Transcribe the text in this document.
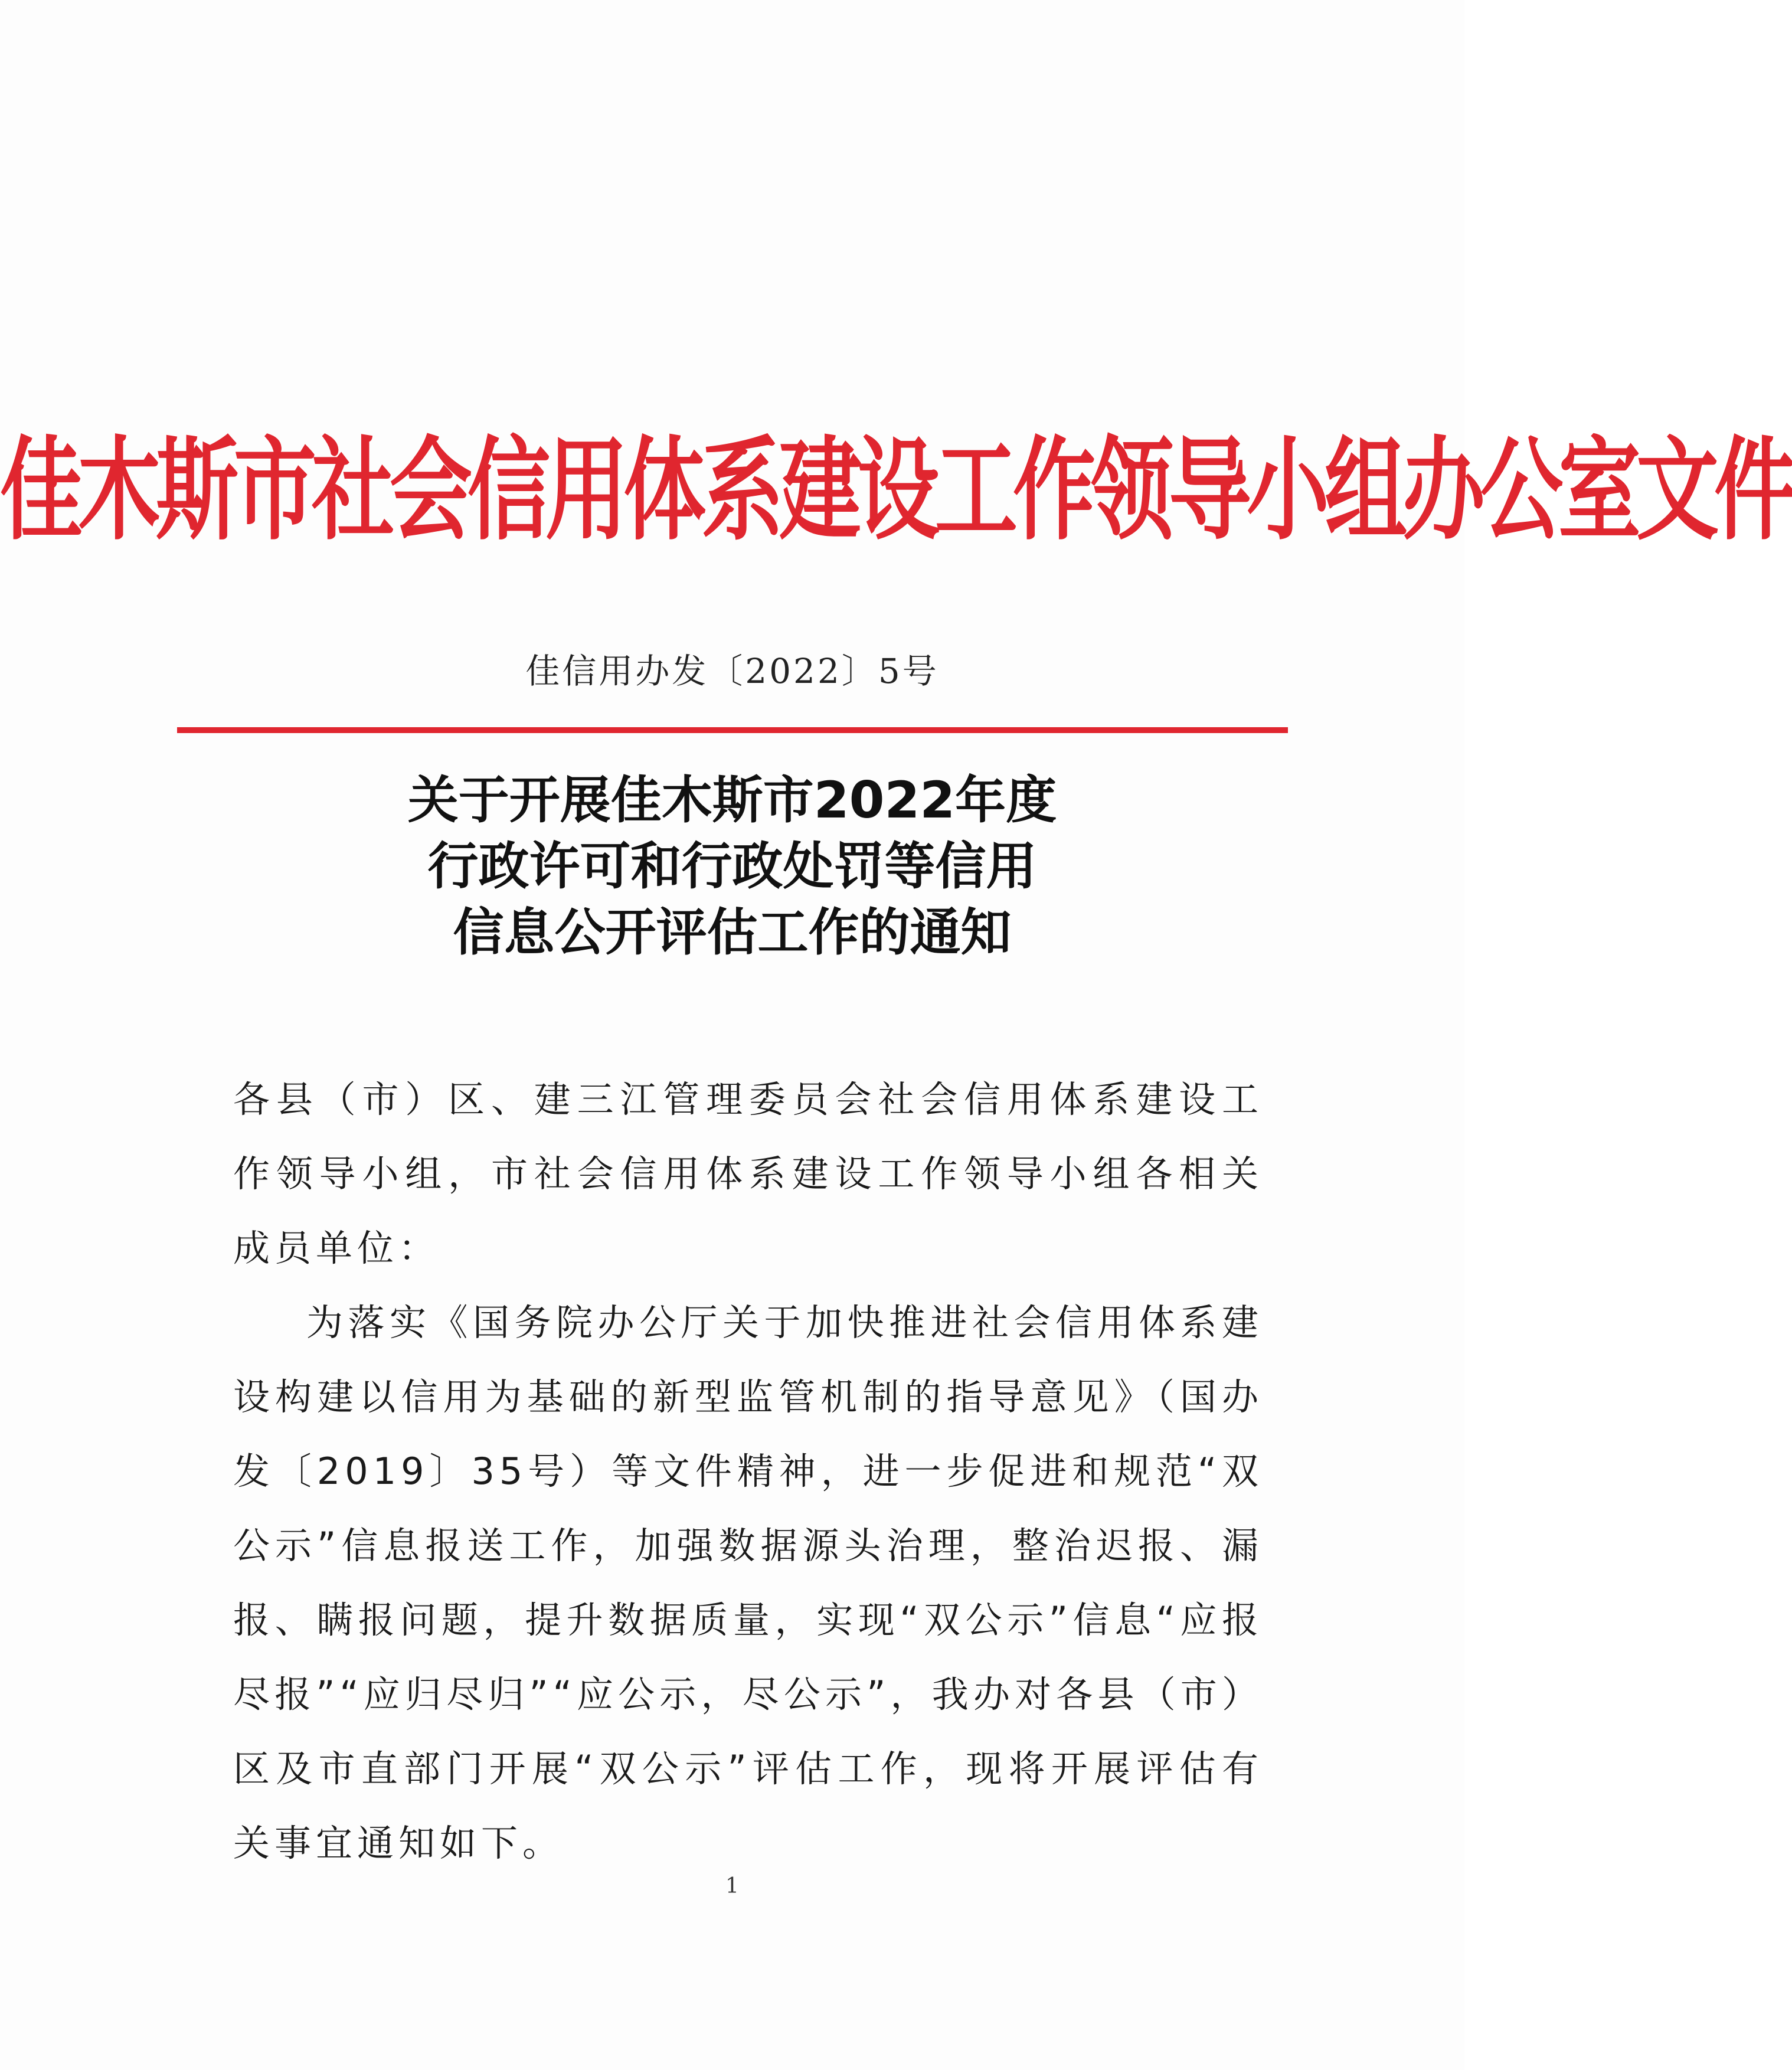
佳木斯市社会信用体系建设工作领导小组办公室文件
佳信用办发〔2022〕5号
关于开展佳木斯市2022年度
行政许可和行政处罚等信用
信息公开评估工作的通知

各县（市）区、建三江管理委员会社会信用体系建设工作领导小组，市社会信用体系建设工作领导小组各相关成员单位：

为落实《国务院办公厅关于加快推进社会信用体系建设构建以信用为基础的新型监管机制的指导意见》（国办发〔2019〕35号）等文件精神，进一步促进和规范“双公示”信息报送工作，加强数据源头治理，整治迟报、漏报、瞒报问题，提升数据质量，实现“双公示”信息“应报尽报”“应归尽归”“应公示，尽公示”，我办对各县（市）区及市直部门开展“双公示”评估工作，现将开展评估有关事宜通知如下。

1
